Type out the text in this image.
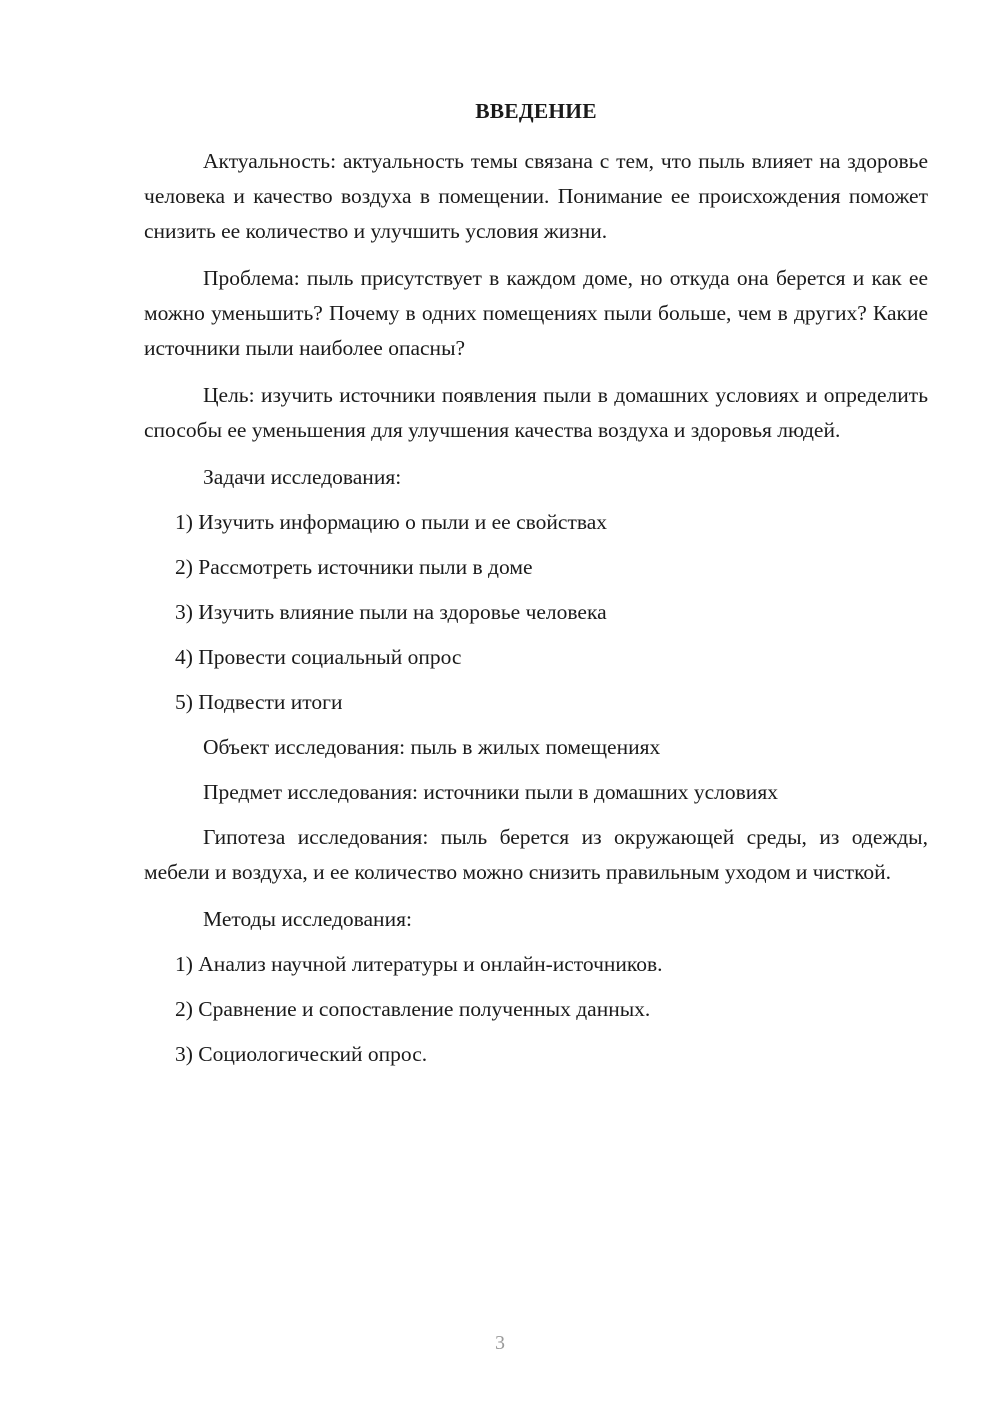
ВВЕДЕНИЕ

Актуальность: актуальность темы связана с тем, что пыль влияет на здоровье человека и качество воздуха в помещении. Понимание ее происхождения поможет снизить ее количество и улучшить условия жизни.

Проблема: пыль присутствует в каждом доме, но откуда она берется и как ее можно уменьшить? Почему в одних помещениях пыли больше, чем в других? Какие источники пыли наиболее опасны?

Цель: изучить источники появления пыли в домашних условиях и определить способы ее уменьшения для улучшения качества воздуха и здоровья людей.

Задачи исследования:

1) Изучить информацию о пыли и ее свойствах
2) Рассмотреть источники пыли в доме
3) Изучить влияние пыли на здоровье человека
4) Провести социальный опрос
5) Подвести итоги

Объект исследования: пыль в жилых помещениях

Предмет исследования: источники пыли в домашних условиях

Гипотеза исследования: пыль берется из окружающей среды, из одежды, мебели и воздуха, и ее количество можно снизить правильным уходом и чисткой.

Методы исследования:

1) Анализ научной литературы и онлайн-источников.
2) Сравнение и сопоставление полученных данных.
3) Социологический опрос.
3
